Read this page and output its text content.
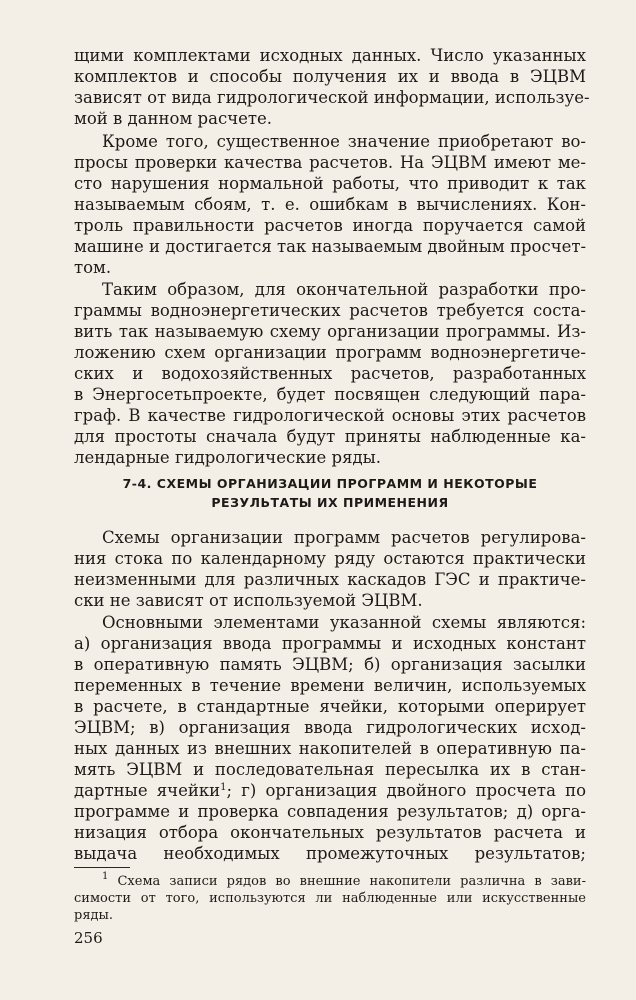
щими комплектами исходных данных. Число указанных
комплектов и способы получения их и ввода в ЭЦВМ
зависят от вида гидрологической информации, используе-
мой в данном расчете.
Кроме того, существенное значение приобретают во-
просы проверки качества расчетов. На ЭЦВМ имеют ме-
сто нарушения нормальной работы, что приводит к так
называемым сбоям, т. е. ошибкам в вычислениях. Кон-
троль правильности расчетов иногда поручается самой
машине и достигается так называемым двойным просчет-
том.
Таким образом, для окончательной разработки про-
граммы водноэнергетических расчетов требуется соста-
вить так называемую схему организации программы. Из-
ложению схем организации программ водноэнергетиче-
ских и водохозяйственных расчетов, разработанных
в Энергосетьпроекте, будет посвящен следующий пара-
граф. В качестве гидрологической основы этих расчетов
для простоты сначала будут приняты наблюденные ка-
лендарные гидрологические ряды.
7-4. СХЕМЫ ОРГАНИЗАЦИИ ПРОГРАММ И НЕКОТОРЫЕ
РЕЗУЛЬТАТЫ ИХ ПРИМЕНЕНИЯ
Схемы организации программ расчетов регулирова-
ния стока по календарному ряду остаются практически
неизменными для различных каскадов ГЭС и практиче-
ски не зависят от используемой ЭЦВМ.
Основными элементами указанной схемы являются:
а) организация ввода программы и исходных констант
в оперативную память ЭЦВМ; б) организация засылки
переменных в течение времени величин, используемых
в расчете, в стандартные ячейки, которыми оперирует
ЭЦВМ; в) организация ввода гидрологических исход-
ных данных из внешних накопителей в оперативную па-
мять ЭЦВМ и последовательная пересылка их в стан-
дартные ячейки$^1$; г) организация двойного просчета по
программе и проверка совпадения результатов; д) орга-
низация отбора окончательных результатов расчета и
выдача необходимых промежуточных результатов;
$^1$ Схема записи рядов во внешние накопители различна в зави-
симости от того, используются ли наблюденные или искусственные
ряды.
256
